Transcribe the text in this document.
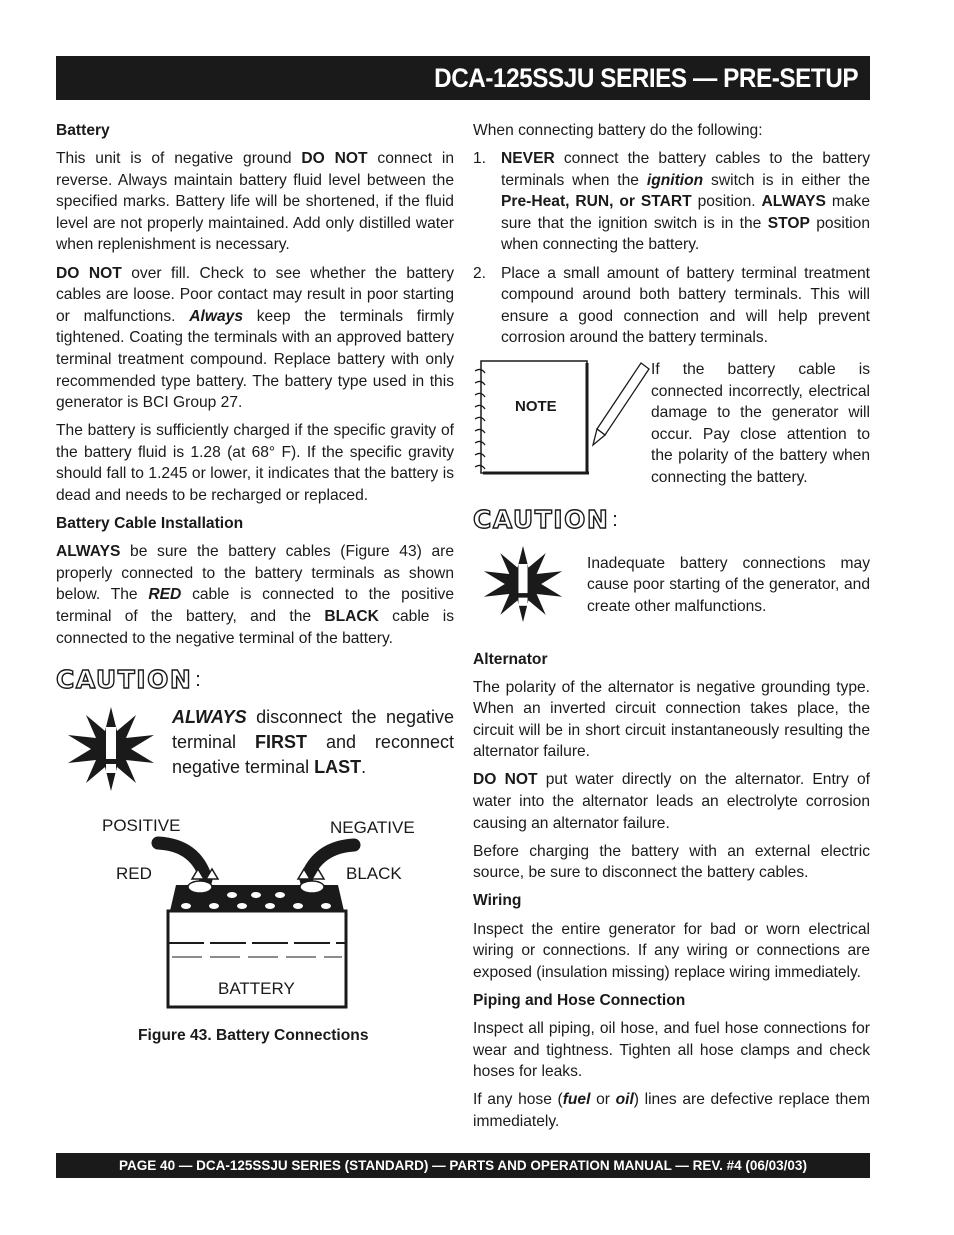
DCA-125SSJU SERIES — PRE-SETUP
Battery

This unit is of negative ground DO NOT connect in reverse. Always maintain battery fluid level between the specified marks. Battery life will be shortened, if the fluid level are not properly maintained. Add only distilled water when replenishment is necessary.

DO NOT over fill. Check to see whether the battery cables are loose. Poor contact may result in poor starting or malfunctions. Always keep the terminals firmly tightened. Coating the terminals with an approved battery terminal treatment compound. Replace battery with only recommended type battery. The battery type used in this generator is BCI Group 27.

The battery is sufficiently charged if the specific gravity of the battery fluid is 1.28 (at 68° F). If the specific gravity should fall to 1.245 or lower, it indicates that the battery is dead and needs to be recharged or replaced.

Battery Cable Installation

ALWAYS be sure the battery cables (Figure 43) are properly connected to the battery terminals as shown below. The RED cable is connected to the positive terminal of the battery, and the BLACK cable is connected to the negative terminal of the battery.

CAUTION :
ALWAYS disconnect the negative terminal FIRST and reconnect negative terminal LAST.
POSITIVE	NEGATIVE
RED	BLACK
BATTERY
Figure 43. Battery Connections

When connecting battery do the following:

1. NEVER connect the battery cables to the battery terminals when the ignition switch is in either the Pre-Heat, RUN, or START position. ALWAYS make sure that the ignition switch is in the STOP position when connecting the battery.
2. Place a small amount of battery terminal treatment compound around both battery terminals. This will ensure a good connection and will help prevent corrosion around the battery terminals.
NOTE

If the battery cable is connected incorrectly, electrical damage to the generator will occur. Pay close attention to the polarity of the battery when connecting the battery.

CAUTION :

Inadequate battery connections may cause poor starting of the generator, and create other malfunctions.

Alternator

The polarity of the alternator is negative grounding type. When an inverted circuit connection takes place, the circuit will be in short circuit instantaneously resulting the alternator failure.

DO NOT put water directly on the alternator. Entry of water into the alternator leads an electrolyte corrosion causing an alternator failure.

Before charging the battery with an external electric source, be sure to disconnect the battery cables.

Wiring

Inspect the entire generator for bad or worn electrical wiring or connections. If any wiring or connections are exposed (insulation missing) replace wiring immediately.

Piping and Hose Connection

Inspect all piping, oil hose, and fuel hose connections for wear and tightness. Tighten all hose clamps and check hoses for leaks.

If any hose (fuel or oil) lines are defective replace them immediately.

PAGE 40 — DCA-125SSJU SERIES (STANDARD) — PARTS AND OPERATION MANUAL — REV. #4 (06/03/03)
